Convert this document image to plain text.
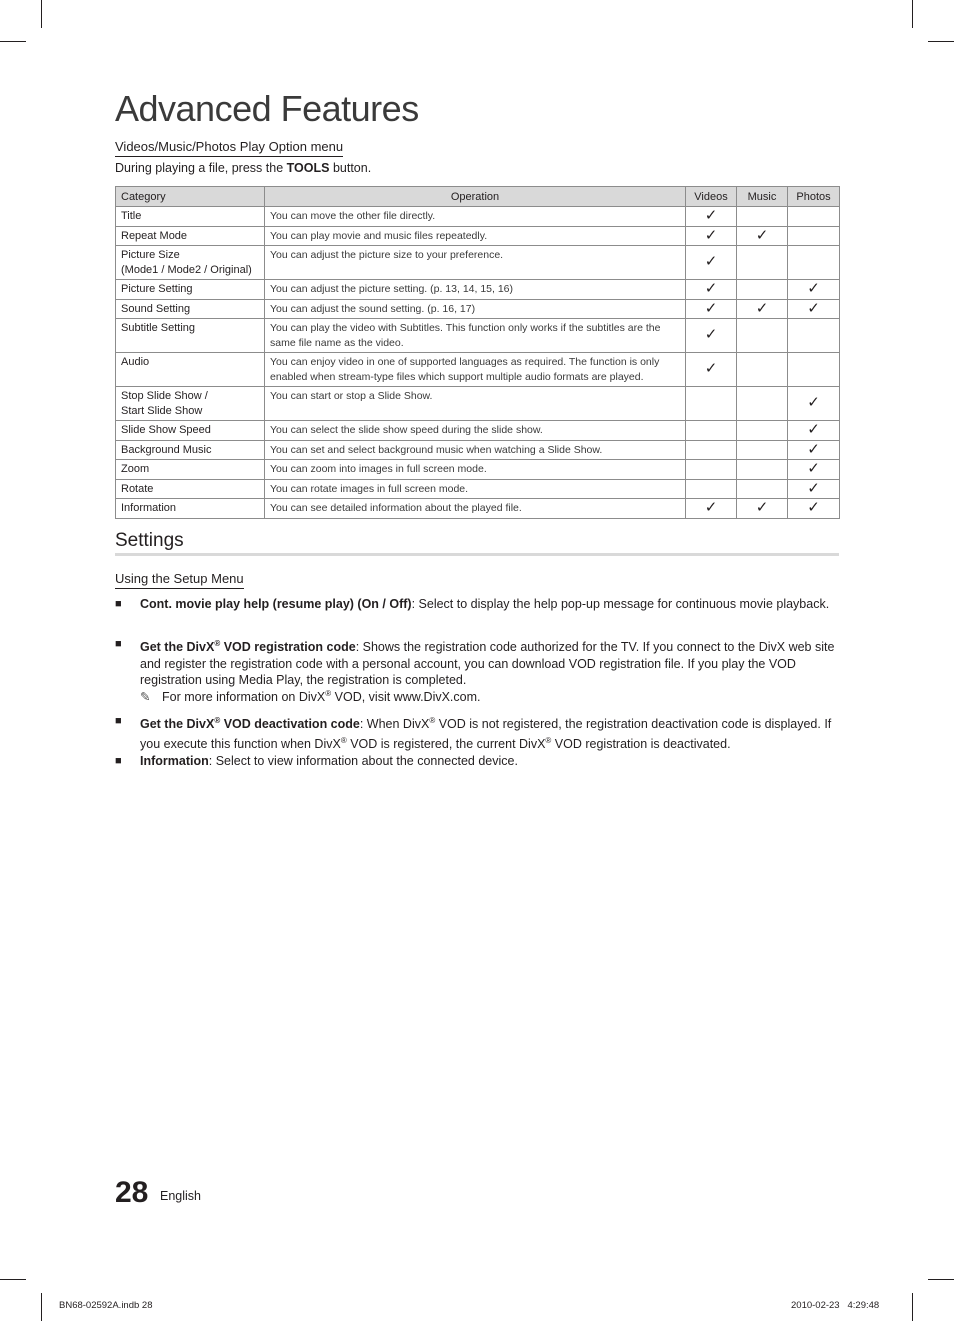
Advanced Features
Videos/Music/Photos Play Option menu
During playing a file, press the TOOLS button.
Category	Operation	Videos	Music	Photos
Title	You can move the other file directly.	✓		
Repeat Mode	You can play movie and music files repeatedly.	✓	✓	
Picture Size
(Mode1 / Mode2 / Original)	You can adjust the picture size to your preference.	✓		
Picture Setting	You can adjust the picture setting. (p. 13, 14, 15, 16)	✓		✓
Sound Setting	You can adjust the sound setting. (p. 16, 17)	✓	✓	✓
Subtitle Setting	You can play the video with Subtitles. This function only works if the subtitles are the same file name as the video.	✓		
Audio	You can enjoy video in one of supported languages as required. The function is only enabled when stream-type files which support multiple audio formats are played.	✓		
Stop Slide Show /
Start Slide Show	You can start or stop a Slide Show.			✓
Slide Show Speed	You can select the slide show speed during the slide show.			✓
Background Music	You can set and select background music when watching a Slide Show.			✓
Zoom	You can zoom into images in full screen mode.			✓
Rotate	You can rotate images in full screen mode.			✓
Information	You can see detailed information about the played file.	✓	✓	✓
Settings
Using the Setup Menu
■ Cont. movie play help (resume play) (On / Off): Select to display the help pop-up message for continuous movie playback.
■ Get the DivX® VOD registration code: Shows the registration code authorized for the TV. If you connect to the DivX web site and register the registration code with a personal account, you can download VOD registration file. If you play the VOD registration using Media Play, the registration is completed.
✎ For more information on DivX® VOD, visit www.DivX.com.
■ Get the DivX® VOD deactivation code: When DivX® VOD is not registered, the registration deactivation code is displayed. If you execute this function when DivX® VOD is registered, the current DivX® VOD registration is deactivated.
■ Information: Select to view information about the connected device.
28 English
BN68-02592A.indb 28	2010-02-23   4:29:48
